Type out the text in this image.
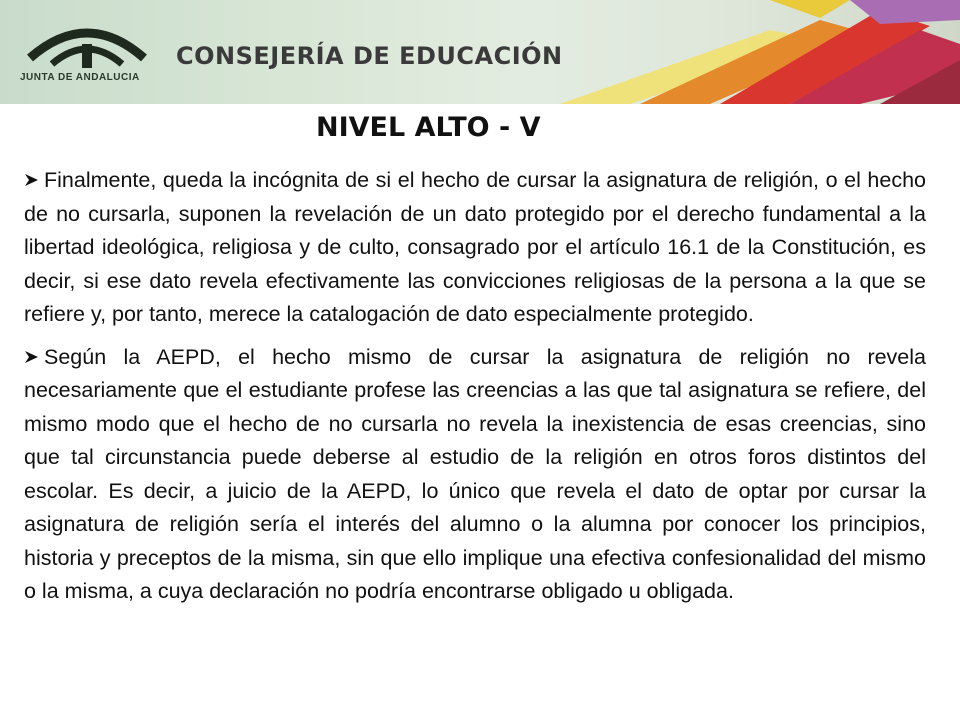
JUNTA DE ANDALUCIA
CONSEJERÍA DE EDUCACIÓN
NIVEL ALTO - V

Finalmente, queda la incógnita de si el hecho de cursar la asignatura de religión, o el hecho de no cursarla, suponen la revelación de un dato protegido por el derecho fundamental a la libertad ideológica, religiosa y de culto, consagrado por el artículo 16.1 de la Constitución, es decir, si ese dato revela efectivamente las convicciones religiosas de la persona a la que se refiere y, por tanto, merece la catalogación de dato especialmente protegido.

Según la AEPD, el hecho mismo de cursar la asignatura de religión no revela necesariamente que el estudiante profese las creencias a las que tal asignatura se refiere, del mismo modo que el hecho de no cursarla no revela la inexistencia de esas creencias, sino que tal circunstancia puede deberse al estudio de la religión en otros foros distintos del escolar. Es decir, a juicio de la AEPD, lo único que revela el dato de optar por cursar la asignatura de religión sería el interés del alumno o la alumna por conocer los principios, historia y preceptos de la misma, sin que ello implique una efectiva confesionalidad del mismo o la misma, a cuya declaración no podría encontrarse obligado u obligada.
